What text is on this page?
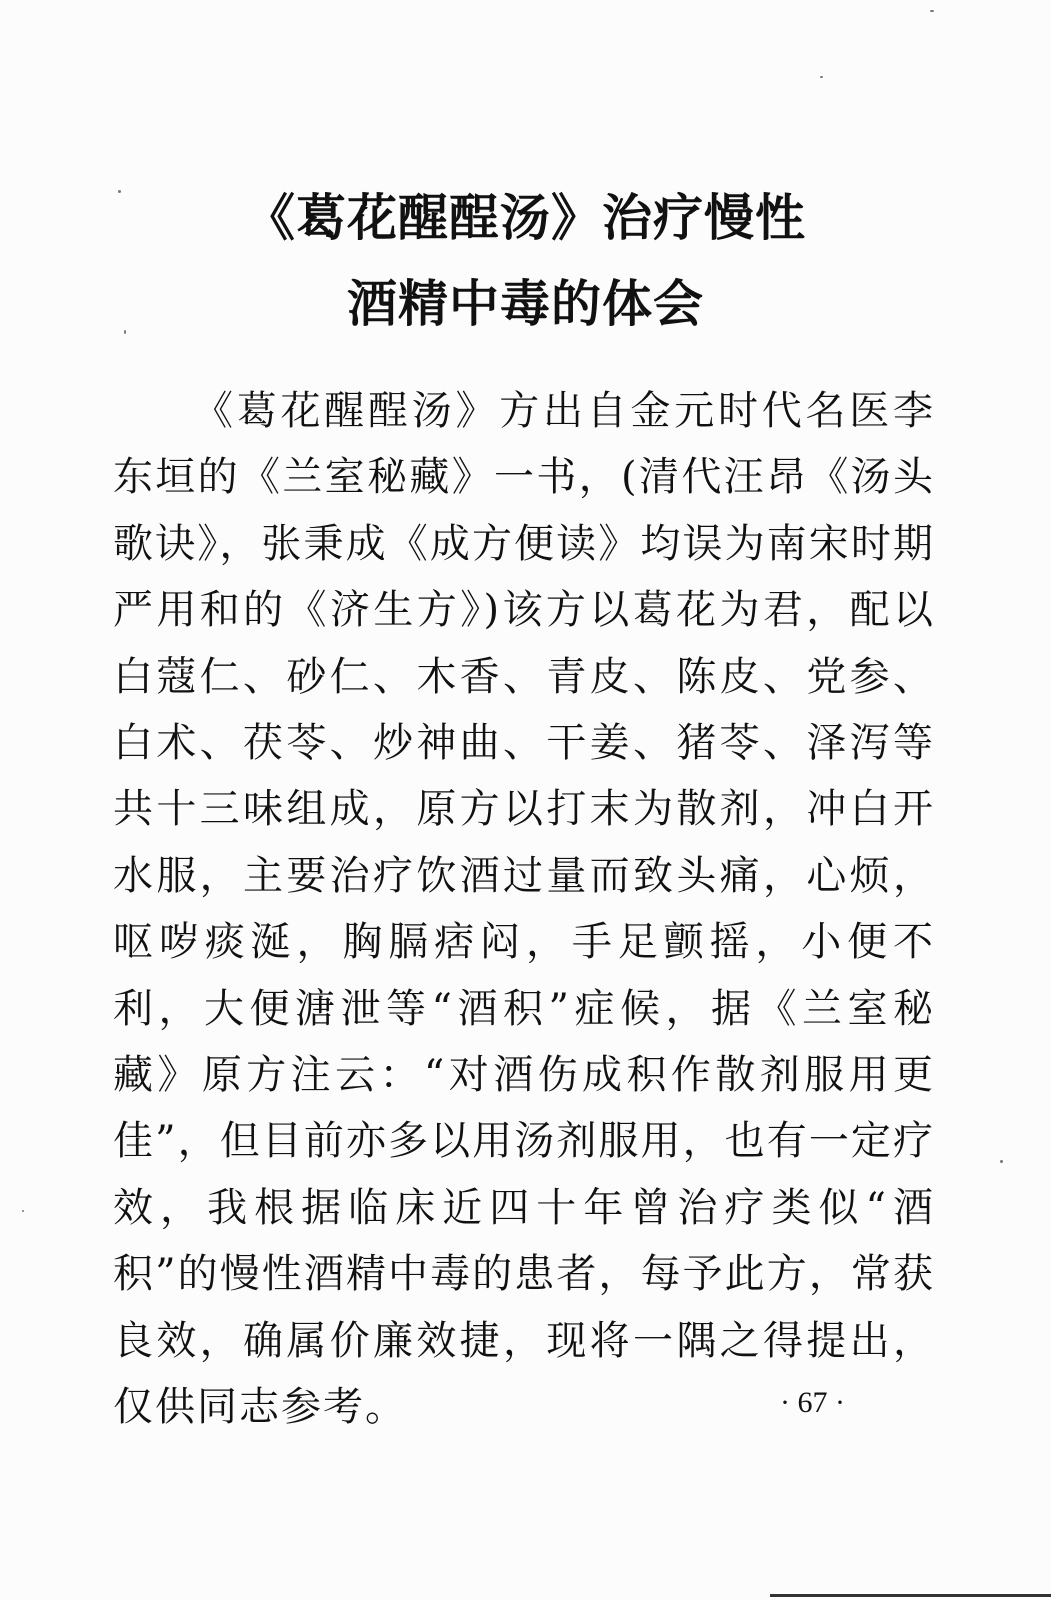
《葛花醒酲汤》治疗慢性
酒精中毒的体会

《葛花醒酲汤》方出自金元时代名医李东垣的《兰室秘藏》一书，(清代汪昂《汤头歌诀》，张秉成《成方便读》均误为南宋时期严用和的《济生方》)该方以葛花为君，配以白蔻仁、砂仁、木香、青皮、陈皮、党参、白术、茯苓、炒神曲、干姜、猪苓、泽泻等共十三味组成，原方以打末为散剂，冲白开水服，主要治疗饮酒过量而致头痛，心烦，呕哕痰涎，胸膈痞闷，手足颤摇，小便不利，大便溏泄等“酒积”症候，据《兰室秘藏》原方注云：“对酒伤成积作散剂服用更佳”，但目前亦多以用汤剂服用，也有一定疗效，我根据临床近四十年曾治疗类似“酒积”的慢性酒精中毒的患者，每予此方，常获良效，确属价廉效捷，现将一隅之得提出，仅供同志参考。	· 67 ·
